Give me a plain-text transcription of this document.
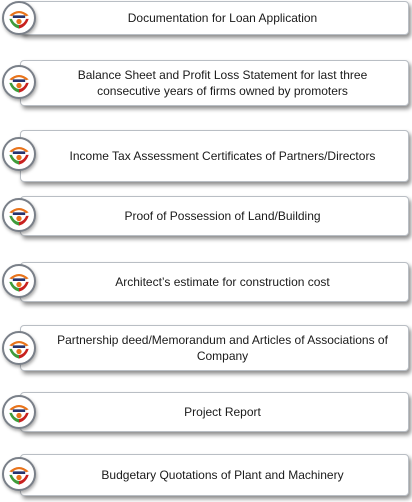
Documentation for Loan Application
Balance Sheet and Profit Loss Statement for last three consecutive years of firms owned by promoters
Income Tax Assessment Certificates of Partners/Directors
Proof of Possession of Land/Building
Architect’s estimate for construction cost
Partnership deed/Memorandum and Articles of Associations of Company
Project Report
Budgetary Quotations of Plant and Machinery
